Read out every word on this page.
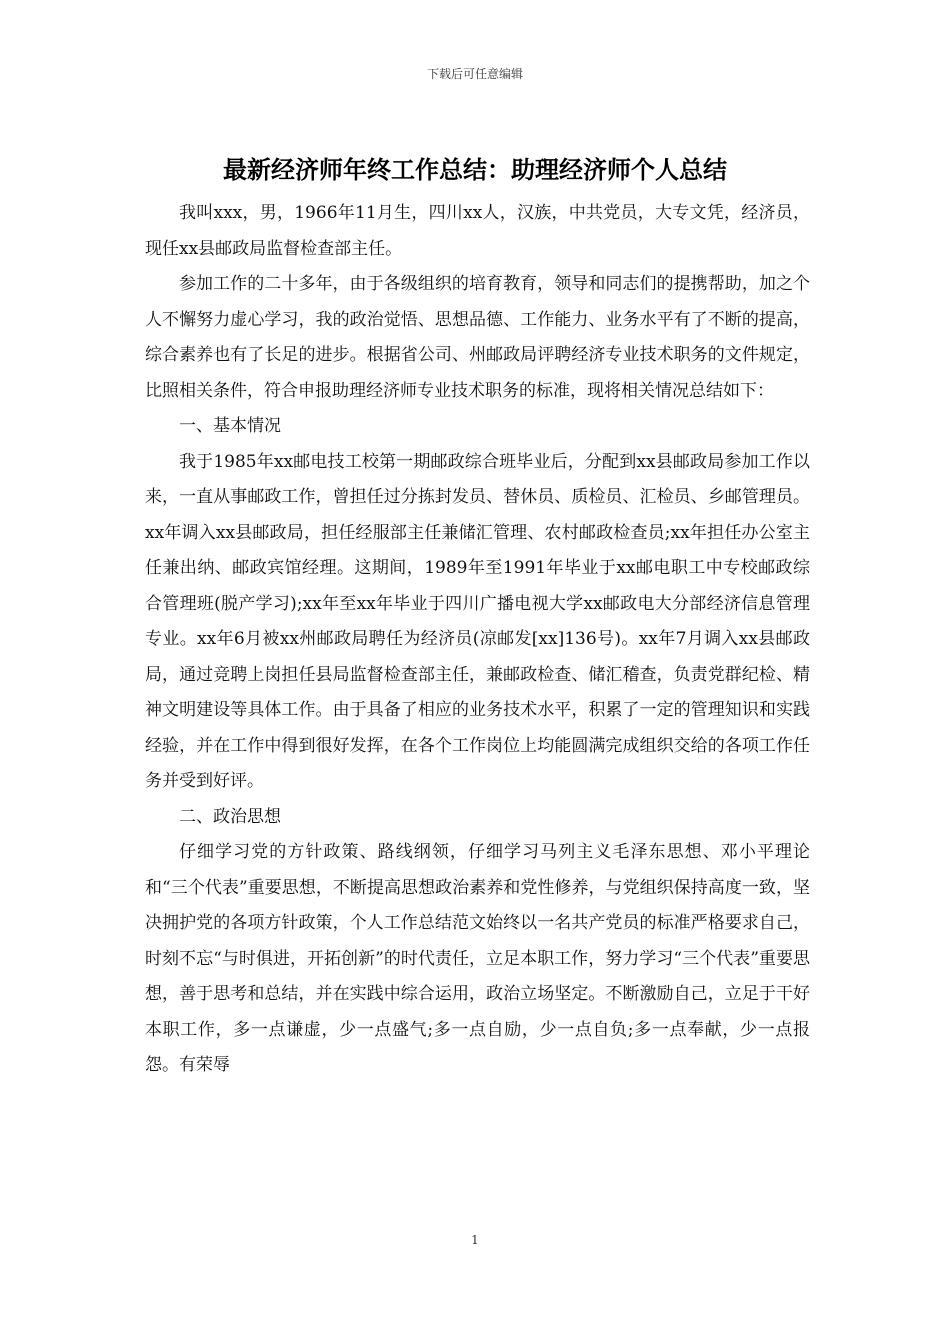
下载后可任意编辑
最新经济师年终工作总结：助理经济师个人总结

我叫xxx，男，1966年11月生，四川xx人，汉族，中共党员，大专文凭，经济员，现任xx县邮政局监督检查部主任。

参加工作的二十多年，由于各级组织的培育教育，领导和同志们的提携帮助，加之个人不懈努力虚心学习，我的政治觉悟、思想品德、工作能力、业务水平有了不断的提高，综合素养也有了长足的进步。根据省公司、州邮政局评聘经济专业技术职务的文件规定，比照相关条件，符合申报助理经济师专业技术职务的标准，现将相关情况总结如下：

一、基本情况

我于1985年xx邮电技工校第一期邮政综合班毕业后，分配到xx县邮政局参加工作以来，一直从事邮政工作，曾担任过分拣封发员、替休员、质检员、汇检员、乡邮管理员。xx年调入xx县邮政局，担任经服部主任兼储汇管理、农村邮政检查员;xx年担任办公室主任兼出纳、邮政宾馆经理。这期间，1989年至1991年毕业于xx邮电职工中专校邮政综合管理班(脱产学习);xx年至xx年毕业于四川广播电视大学xx邮政电大分部经济信息管理专业。xx年6月被xx州邮政局聘任为经济员(凉邮发[xx]136号)。xx年7月调入xx县邮政局，通过竞聘上岗担任县局监督检查部主任，兼邮政检查、储汇稽查，负责党群纪检、精神文明建设等具体工作。由于具备了相应的业务技术水平，积累了一定的管理知识和实践经验，并在工作中得到很好发挥，在各个工作岗位上均能圆满完成组织交给的各项工作任务并受到好评。

二、政治思想

仔细学习党的方针政策、路线纲领，仔细学习马列主义毛泽东思想、邓小平理论和“三个代表”重要思想，不断提高思想政治素养和党性修养，与党组织保持高度一致，坚决拥护党的各项方针政策，个人工作总结范文始终以一名共产党员的标准严格要求自己，时刻不忘“与时俱进，开拓创新”的时代责任，立足本职工作，努力学习“三个代表”重要思想，善于思考和总结，并在实践中综合运用，政治立场坚定。不断激励自己，立足于干好本职工作，多一点谦虚，少一点盛气;多一点自励，少一点自负;多一点奉献，少一点报怨。有荣辱

1
